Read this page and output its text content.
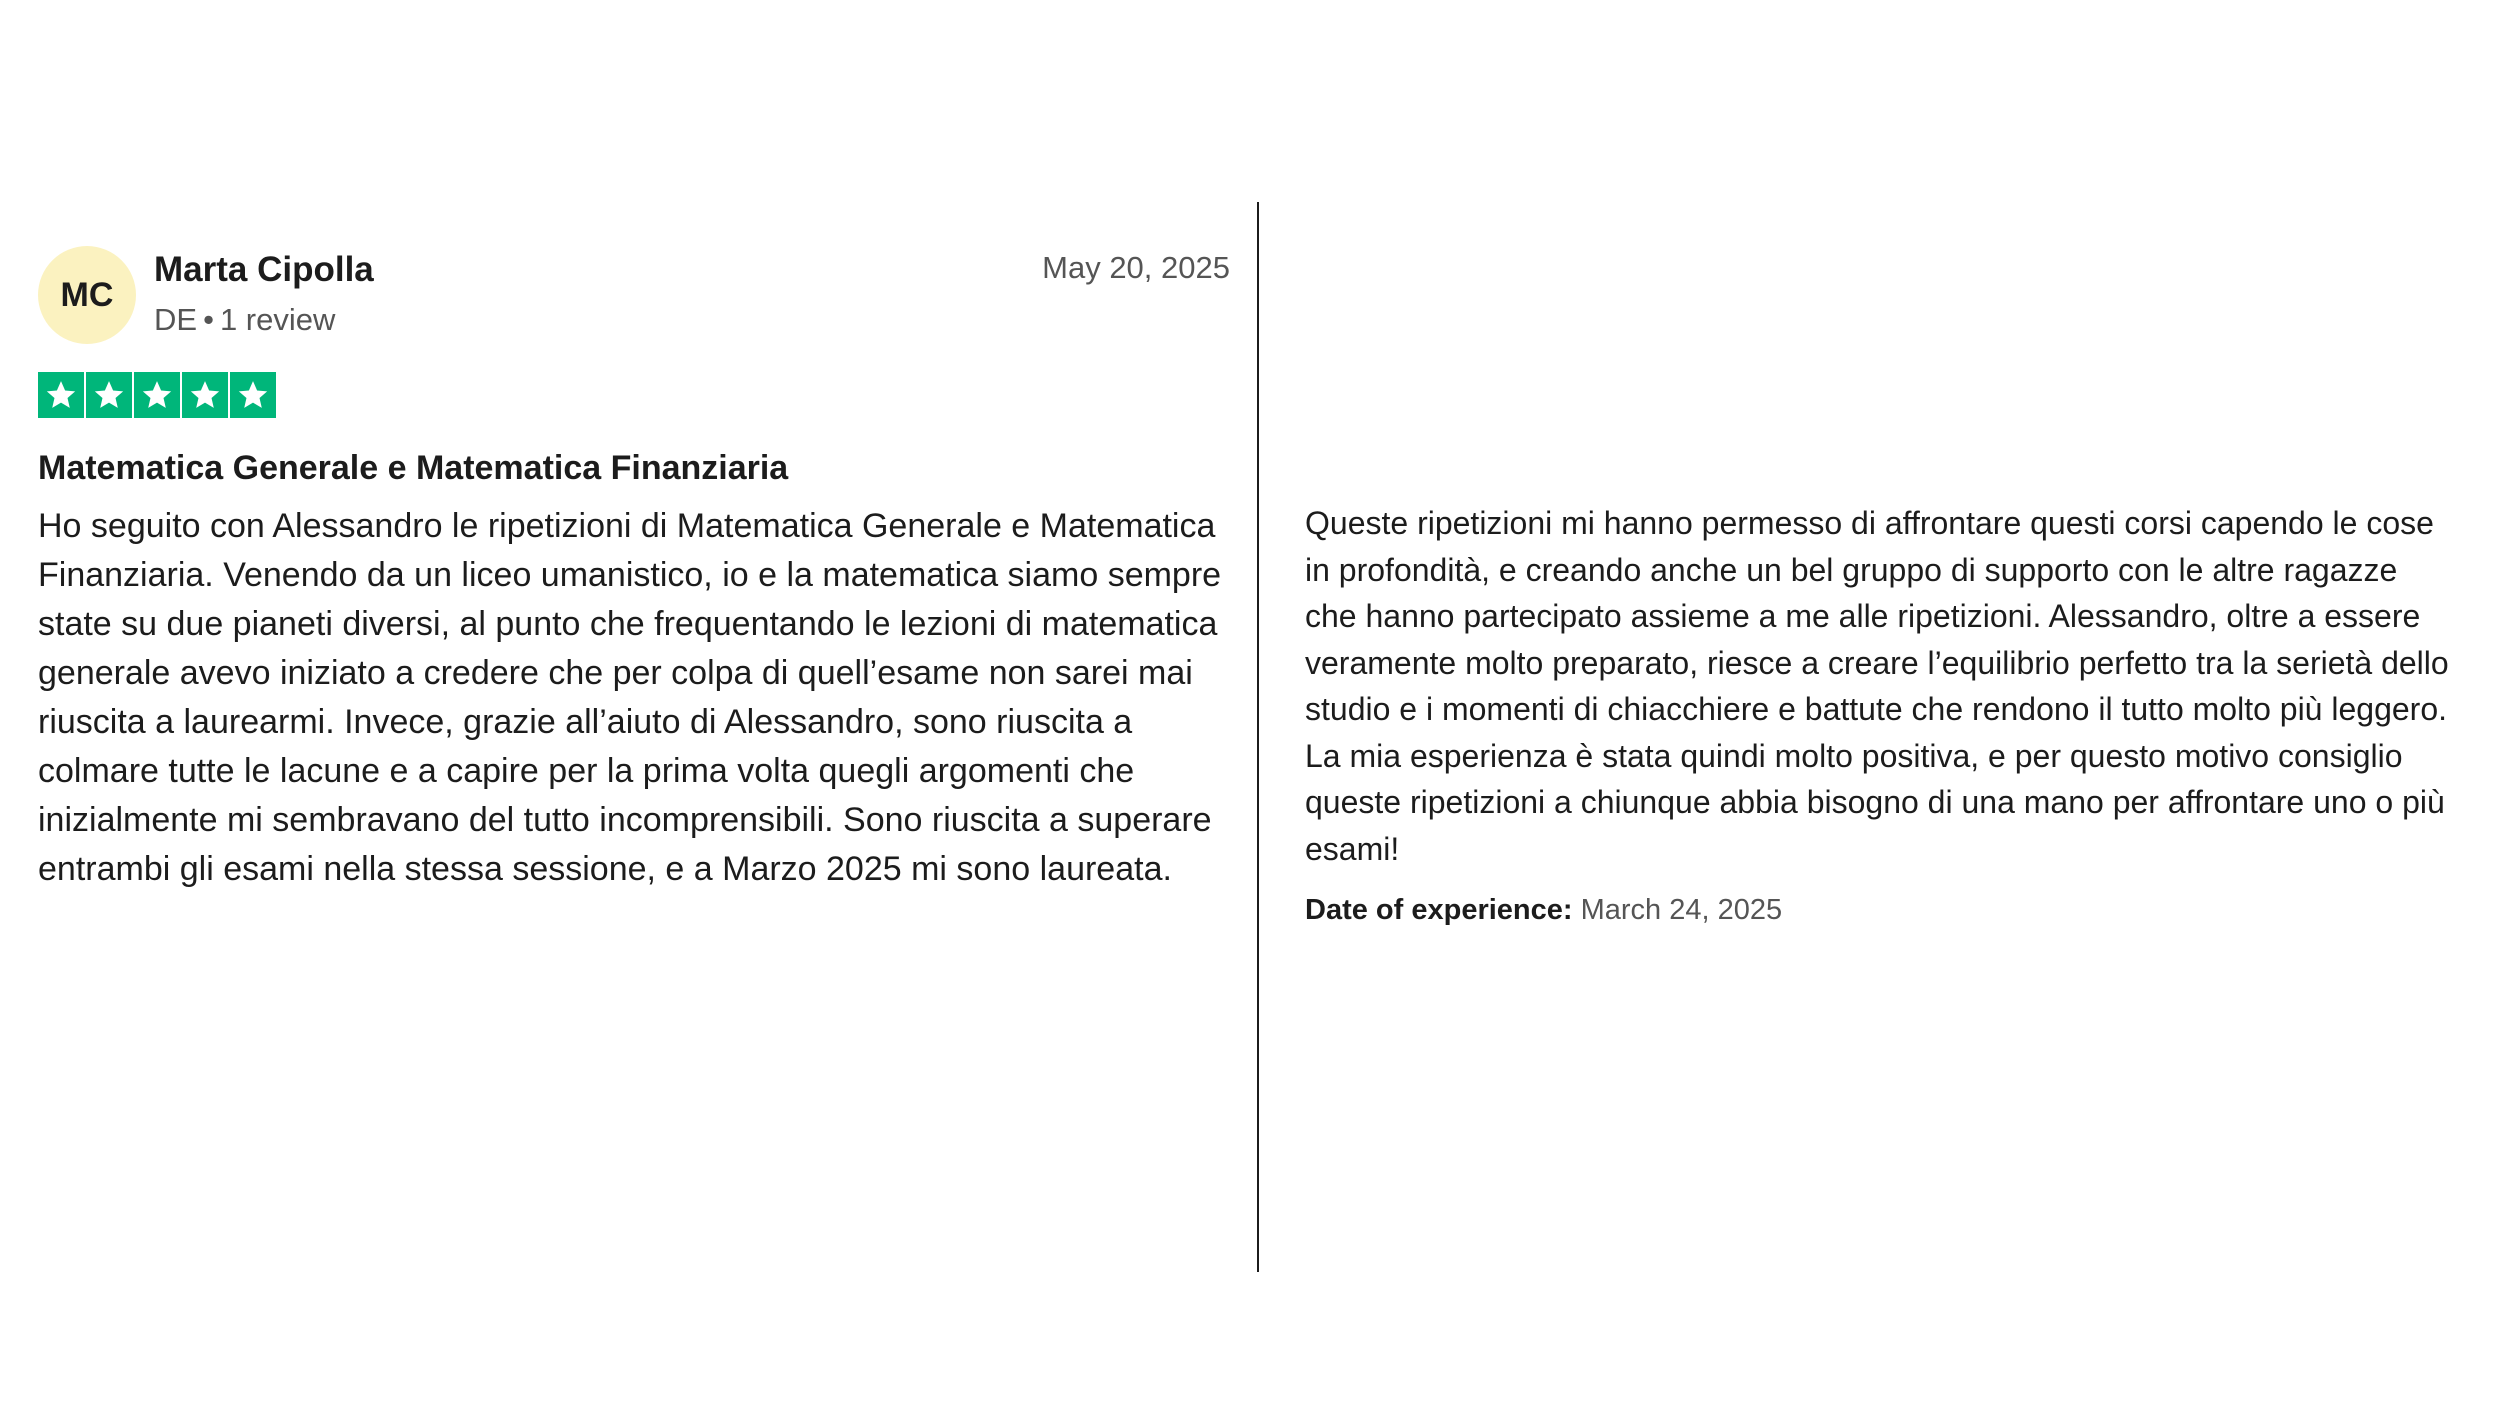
MC
Marta Cipolla
DE • 1 review
May 20, 2025
Matematica Generale e Matematica Finanziaria
Ho seguito con Alessandro le ripetizioni di Matematica Generale e Matematica Finanziaria. Venendo da un liceo umanistico, io e la matematica siamo sempre state su due pianeti diversi, al punto che frequentando le lezioni di matematica generale avevo iniziato a credere che per colpa di quell’esame non sarei mai riuscita a laurearmi. Invece, grazie all’aiuto di Alessandro, sono riuscita a colmare tutte le lacune e a capire per la prima volta quegli argomenti che inizialmente mi sembravano del tutto incomprensibili. Sono riuscita a superare entrambi gli esami nella stessa sessione, e a Marzo 2025 mi sono laureata.
Queste ripetizioni mi hanno permesso di affrontare questi corsi capendo le cose in profondità, e creando anche un bel gruppo di supporto con le altre ragazze che hanno partecipato assieme a me alle ripetizioni. Alessandro, oltre a essere veramente molto preparato, riesce a creare l’equilibrio perfetto tra la serietà dello studio e i momenti di chiacchiere e battute che rendono il tutto molto più leggero. La mia esperienza è stata quindi molto positiva, e per questo motivo consiglio queste ripetizioni a chiunque abbia bisogno di una mano per affrontare uno o più esami!
Date of experience: March 24, 2025
